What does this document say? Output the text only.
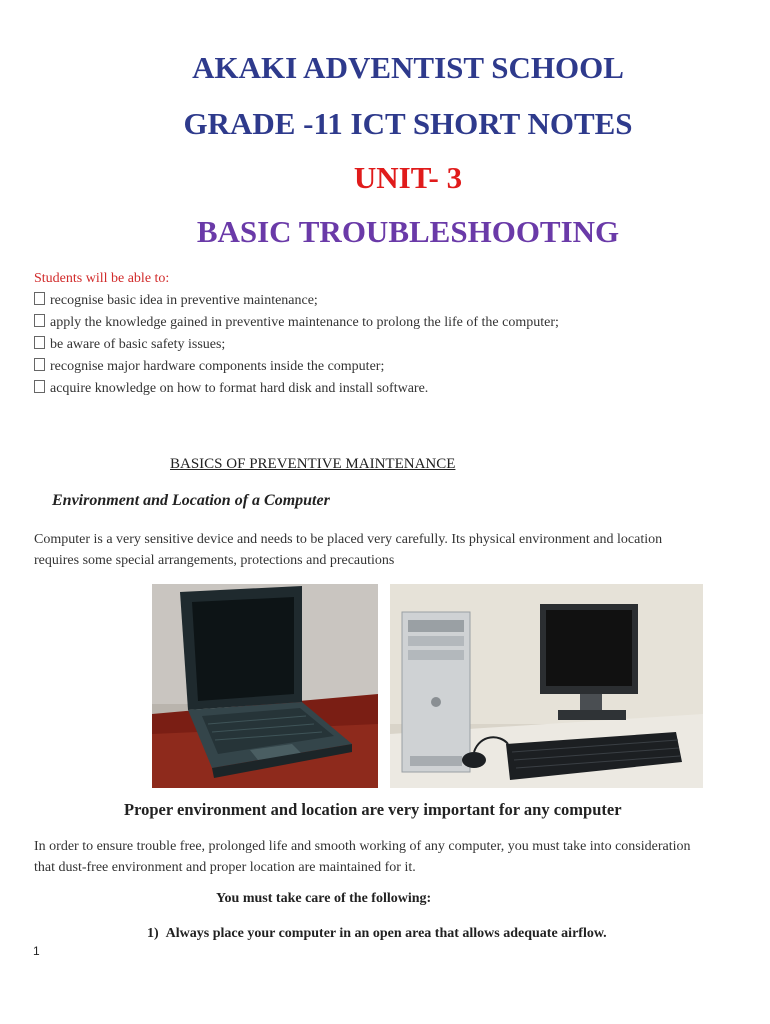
AKAKI ADVENTIST SCHOOL
GRADE -11 ICT SHORT NOTES
UNIT- 3
BASIC TROUBLESHOOTING
Students will be able to:
recognise basic idea in preventive maintenance;
apply the knowledge gained in preventive maintenance to prolong the life of the computer;
be aware of basic safety issues;
recognise major hardware components inside the computer;
acquire knowledge on how to format hard disk and install software.
BASICS OF PREVENTIVE MAINTENANCE
Environment and Location of a Computer
Computer is a very sensitive device and needs to be placed very carefully. Its physical environment and location requires some special arrangements, protections and precautions
Proper environment and location are very important for any computer
In order to ensure trouble free, prolonged life and smooth working of any computer, you must take into consideration that dust-free environment and proper location are maintained for it.
You must take care of the following:
1) Always place your computer in an open area that allows adequate airflow.
1
